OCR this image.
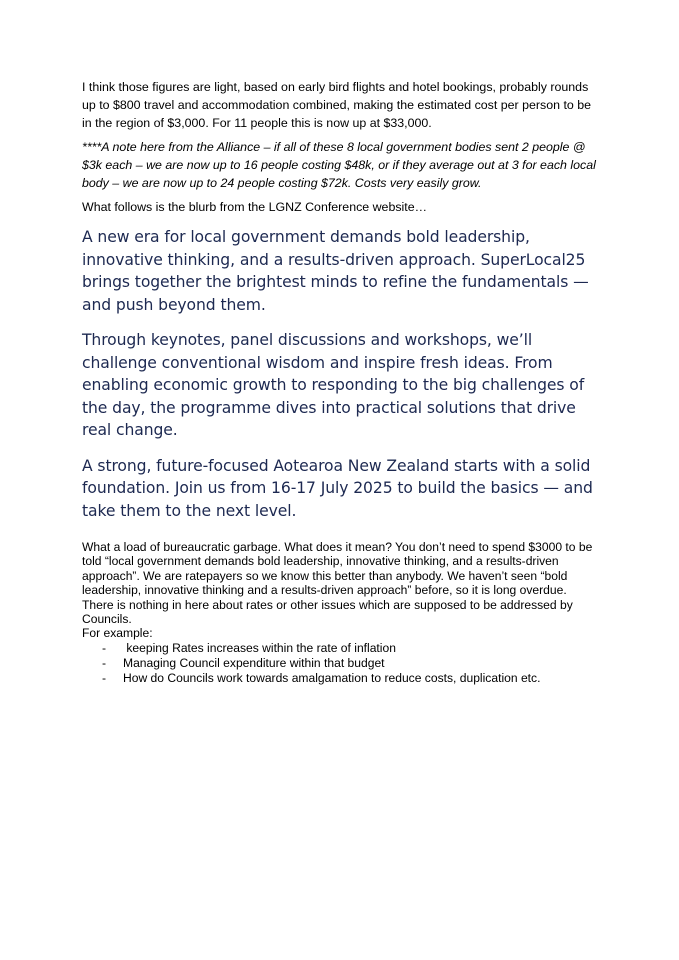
I think those figures are light, based on early bird flights and hotel bookings, probably rounds up to $800 travel and accommodation combined, making the estimated cost per person to be in the region of $3,000. For 11 people this is now up at $33,000.

****A note here from the Alliance – if all of these 8 local government bodies sent 2 people @ $3k each – we are now up to 16 people costing $48k, or if they average out at 3 for each local body – we are now up to 24 people costing $72k. Costs very easily grow.

What follows is the blurb from the LGNZ Conference website…

A new era for local government demands bold leadership, innovative thinking, and a results-driven approach. SuperLocal25 brings together the brightest minds to refine the fundamentals — and push beyond them.

Through keynotes, panel discussions and workshops, we’ll challenge conventional wisdom and inspire fresh ideas. From enabling economic growth to responding to the big challenges of the day, the programme dives into practical solutions that drive real change.

A strong, future-focused Aotearoa New Zealand starts with a solid foundation. Join us from 16-17 July 2025 to build the basics — and take them to the next level.

What a load of bureaucratic garbage. What does it mean? You don’t need to spend $3000 to be told “local government demands bold leadership, innovative thinking, and a results-driven approach”. We are ratepayers so we know this better than anybody. We haven’t seen “bold leadership, innovative thinking and a results-driven approach” before, so it is long overdue.

There is nothing in here about rates or other issues which are supposed to be addressed by Councils.

For example:

-	keeping Rates increases within the rate of inflation
-	Managing Council expenditure within that budget
-	How do Councils work towards amalgamation to reduce costs, duplication etc.
